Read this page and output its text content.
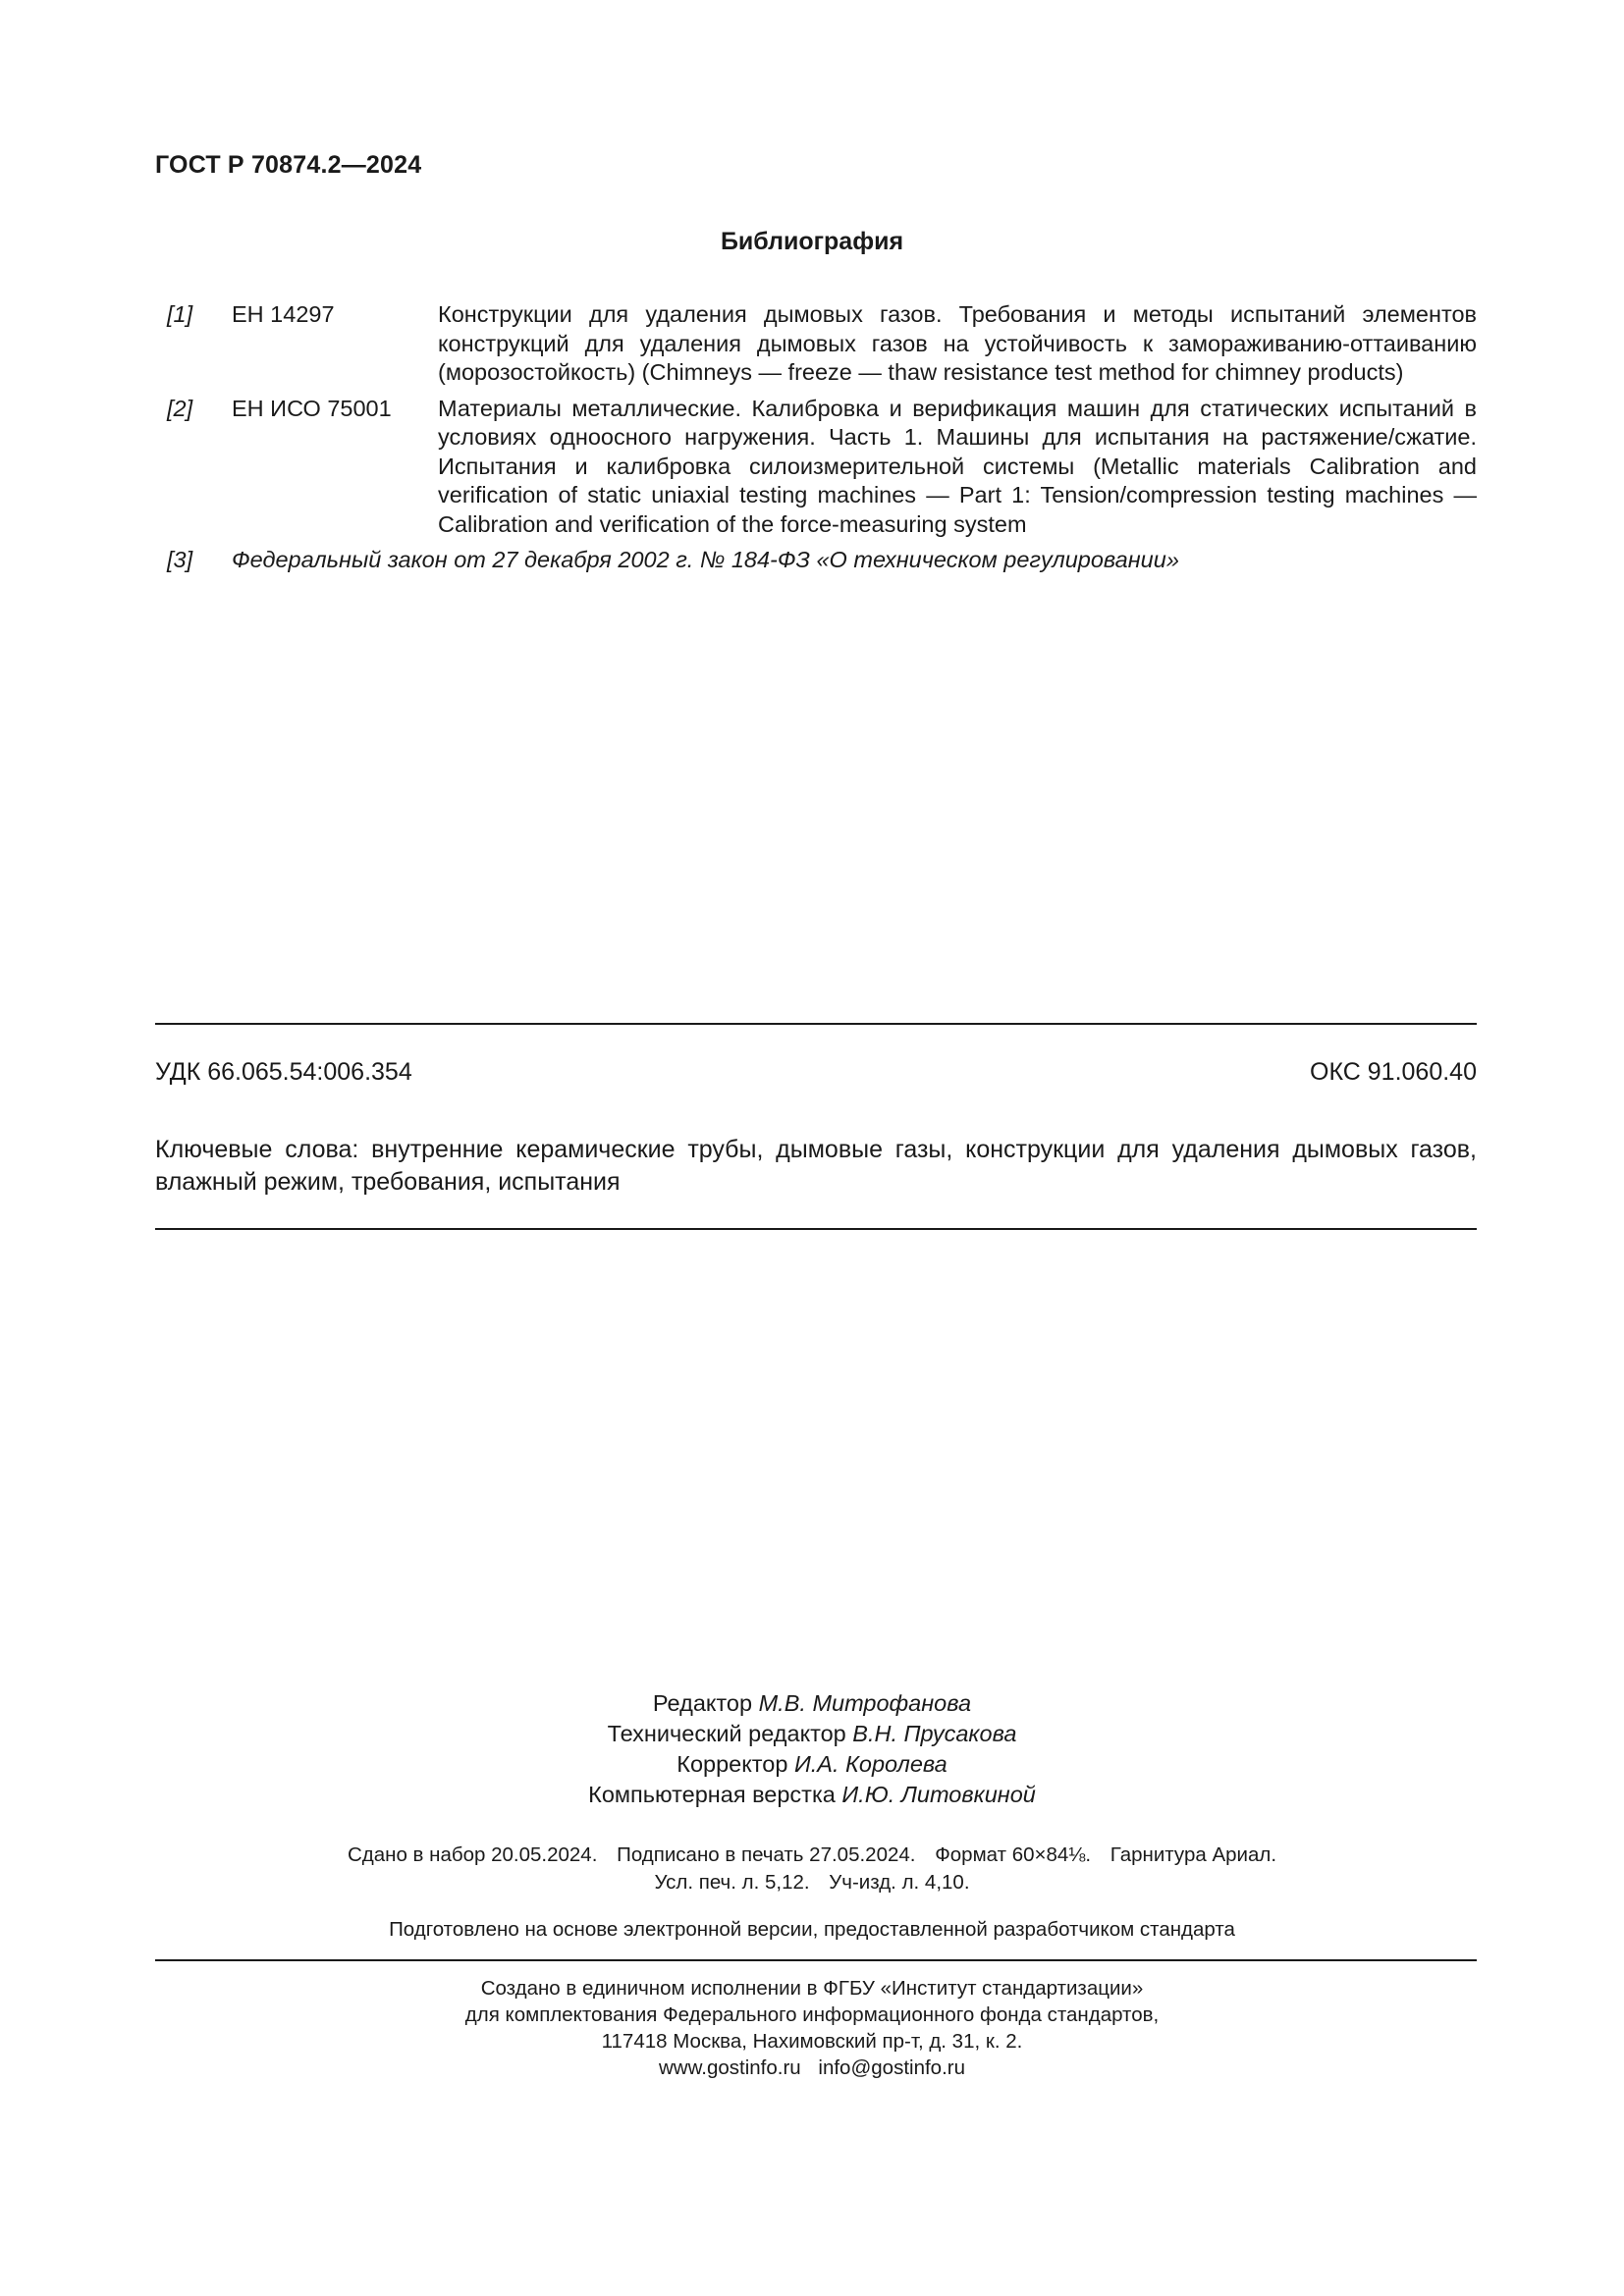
ГОСТ Р 70874.2—2024
Библиография
[1]	ЕН 14297	Конструкции для удаления дымовых газов. Требования и методы испытаний элементов конструкций для удаления дымовых газов на устойчивость к замораживанию-оттаиванию (морозостойкость) (Chimneys — freeze — thaw resistance test method for chimney products)
[2]	ЕН ИСО 75001	Материалы металлические. Калибровка и верификация машин для статических испытаний в условиях одноосного нагружения. Часть 1. Машины для испытания на растяжение/сжатие. Испытания и калибровка силоизмерительной системы (Metallic materials Calibration and verification of static uniaxial testing machines — Part 1: Tension/compression testing machines — Calibration and verification of the force-measuring system
[3]	Федеральный закон от 27 декабря 2002 г. № 184-ФЗ «О техническом регулировании»
УДК 66.065.54:006.354	ОКС 91.060.40
Ключевые слова: внутренние керамические трубы, дымовые газы, конструкции для удаления дымовых газов, влажный режим, требования, испытания
Редактор М.В. Митрофанова
Технический редактор В.Н. Прусакова
Корректор И.А. Королева
Компьютерная верстка И.Ю. Литовкиной
Сдано в набор 20.05.2024. Подписано в печать 27.05.2024. Формат 60×84⅛. Гарнитура Ариал.
Усл. печ. л. 5,12. Уч-изд. л. 4,10.
Подготовлено на основе электронной версии, предоставленной разработчиком стандарта
Создано в единичном исполнении в ФГБУ «Институт стандартизации»
для комплектования Федерального информационного фонда стандартов,
117418 Москва, Нахимовский пр-т, д. 31, к. 2.
www.gostinfo.ru info@gostinfo.ru
